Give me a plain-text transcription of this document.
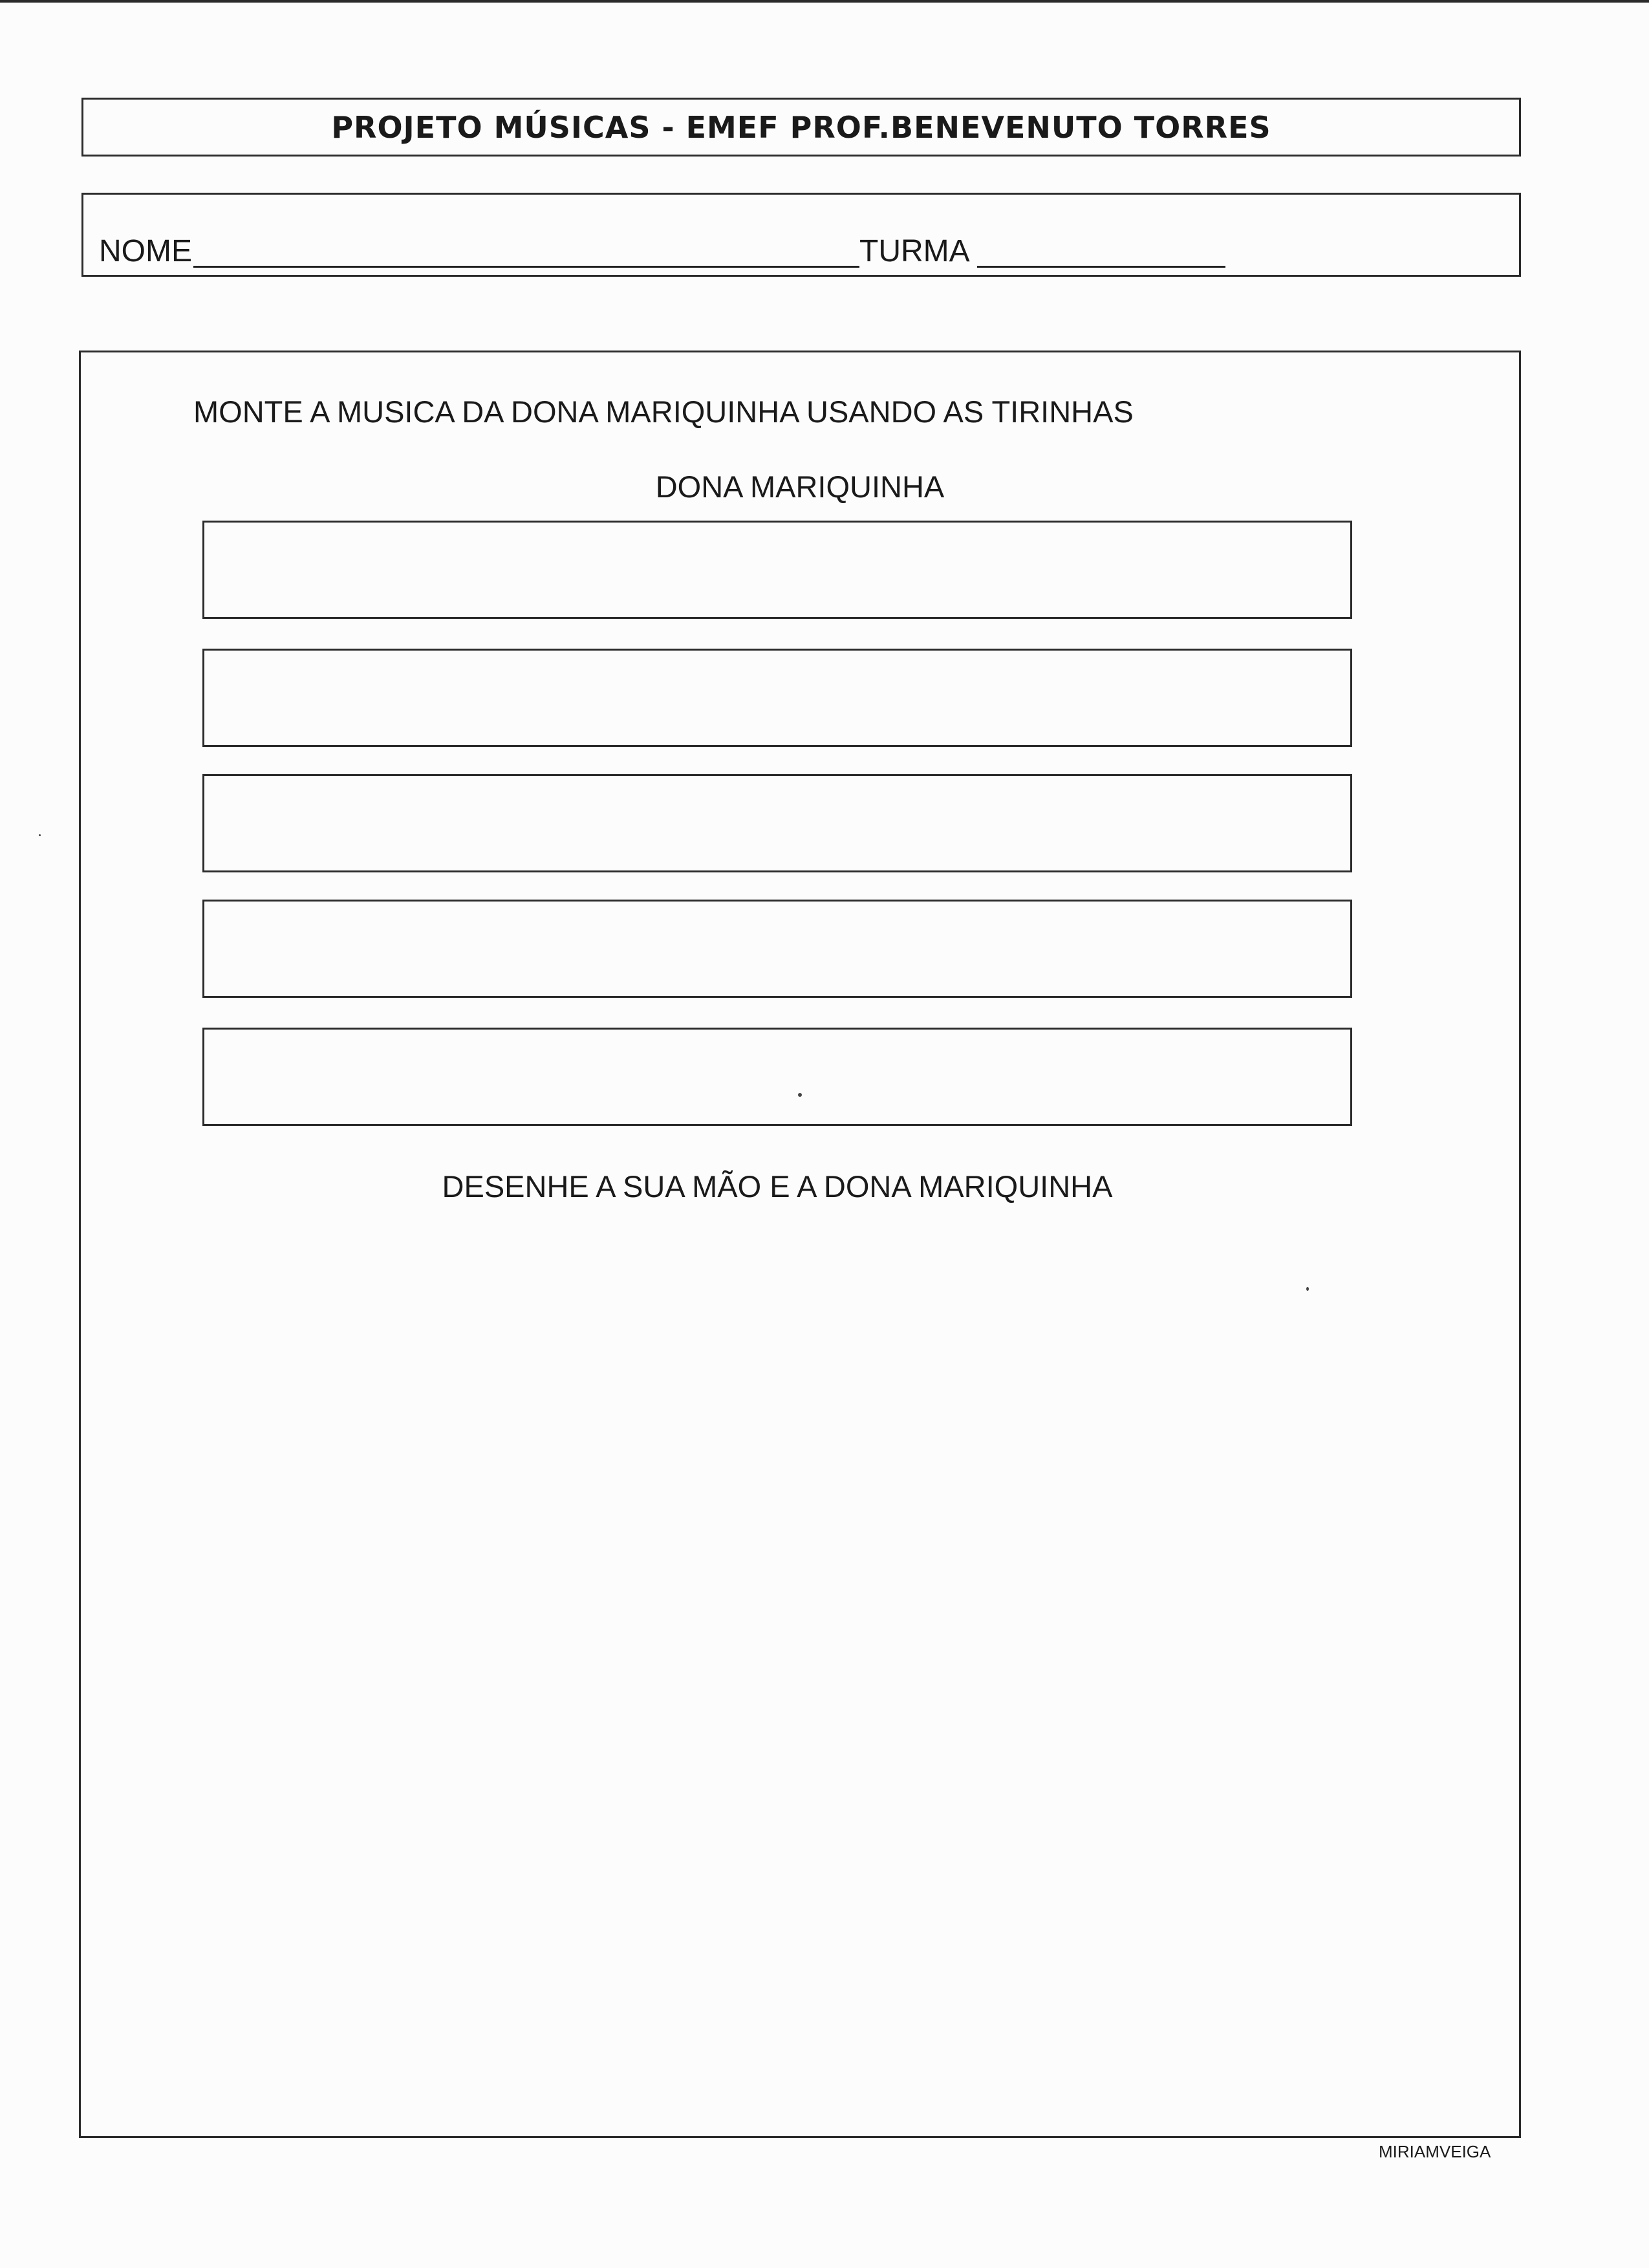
PROJETO MÚSICAS - EMEF PROF.BENEVENUTO TORRES
NOME	TURMA
MONTE A MUSICA DA DONA MARIQUINHA USANDO AS TIRINHAS
DONA MARIQUINHA
DESENHE A SUA MÃO E A DONA MARIQUINHA
MIRIAMVEIGA
